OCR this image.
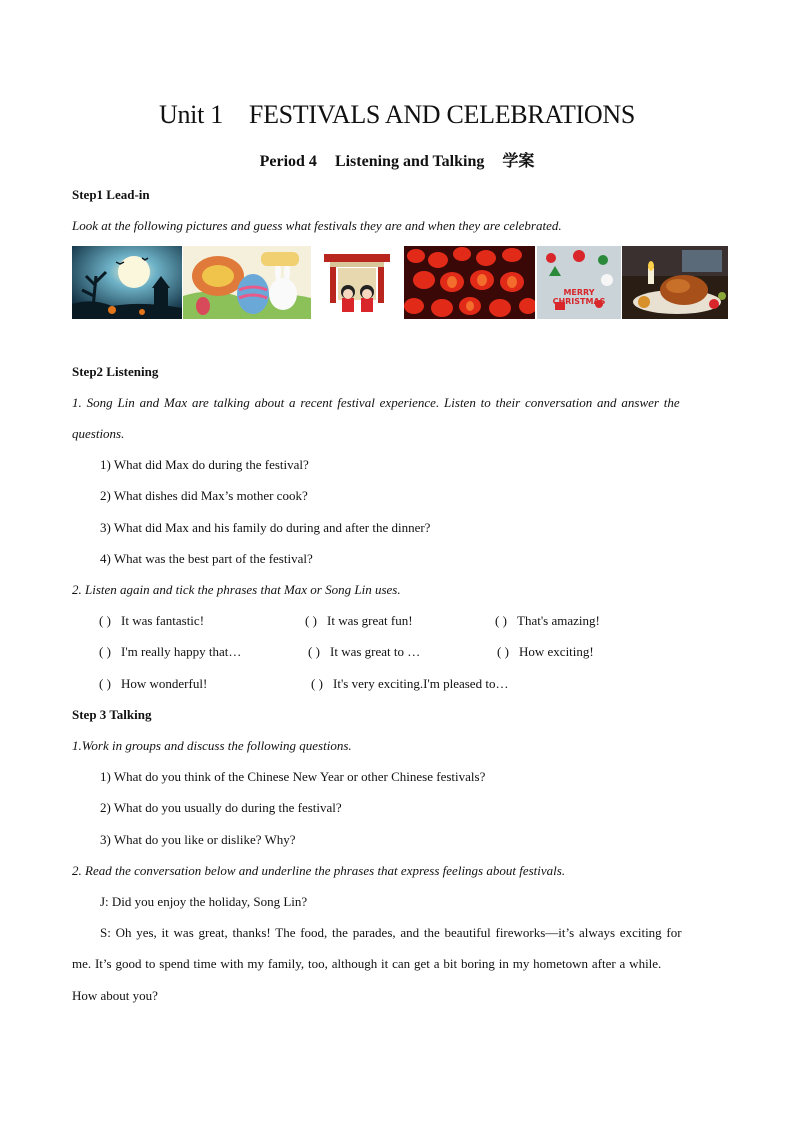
Unit 1 FESTIVALS AND CELEBRATIONS
Period 4 Listening and Talking 学案
Step1 Lead-in
Look at the following pictures and guess what festivals they are and when they are celebrated.
MERRY CHRISTMAS
Step2 Listening
1. Song Lin and Max are talking about a recent festival experience. Listen to their conversation and answer the
questions.
1) What did Max do during the festival?
2) What dishes did Max’s mother cook?
3) What did Max and his family do during and after the dinner?
4) What was the best part of the festival?
2. Listen again and tick the phrases that Max or Song Lin uses.
( ) It was fantastic!	( ) It was great fun!	( ) That's amazing!
( ) I'm really happy that…	( ) It was great to …	( ) How exciting!
( ) How wonderful!	( ) It's very exciting.I'm pleased to…
Step 3 Talking
1.Work in groups and discuss the following questions.
1) What do you think of the Chinese New Year or other Chinese festivals?
2) What do you usually do during the festival?
3) What do you like or dislike? Why?
2. Read the conversation below and underline the phrases that express feelings about festivals.
J: Did you enjoy the holiday, Song Lin?
S: Oh yes, it was great, thanks! The food, the parades, and the beautiful fireworks—it’s always exciting for
me. It’s good to spend time with my family, too, although it can get a bit boring in my hometown after a while.
How about you?
